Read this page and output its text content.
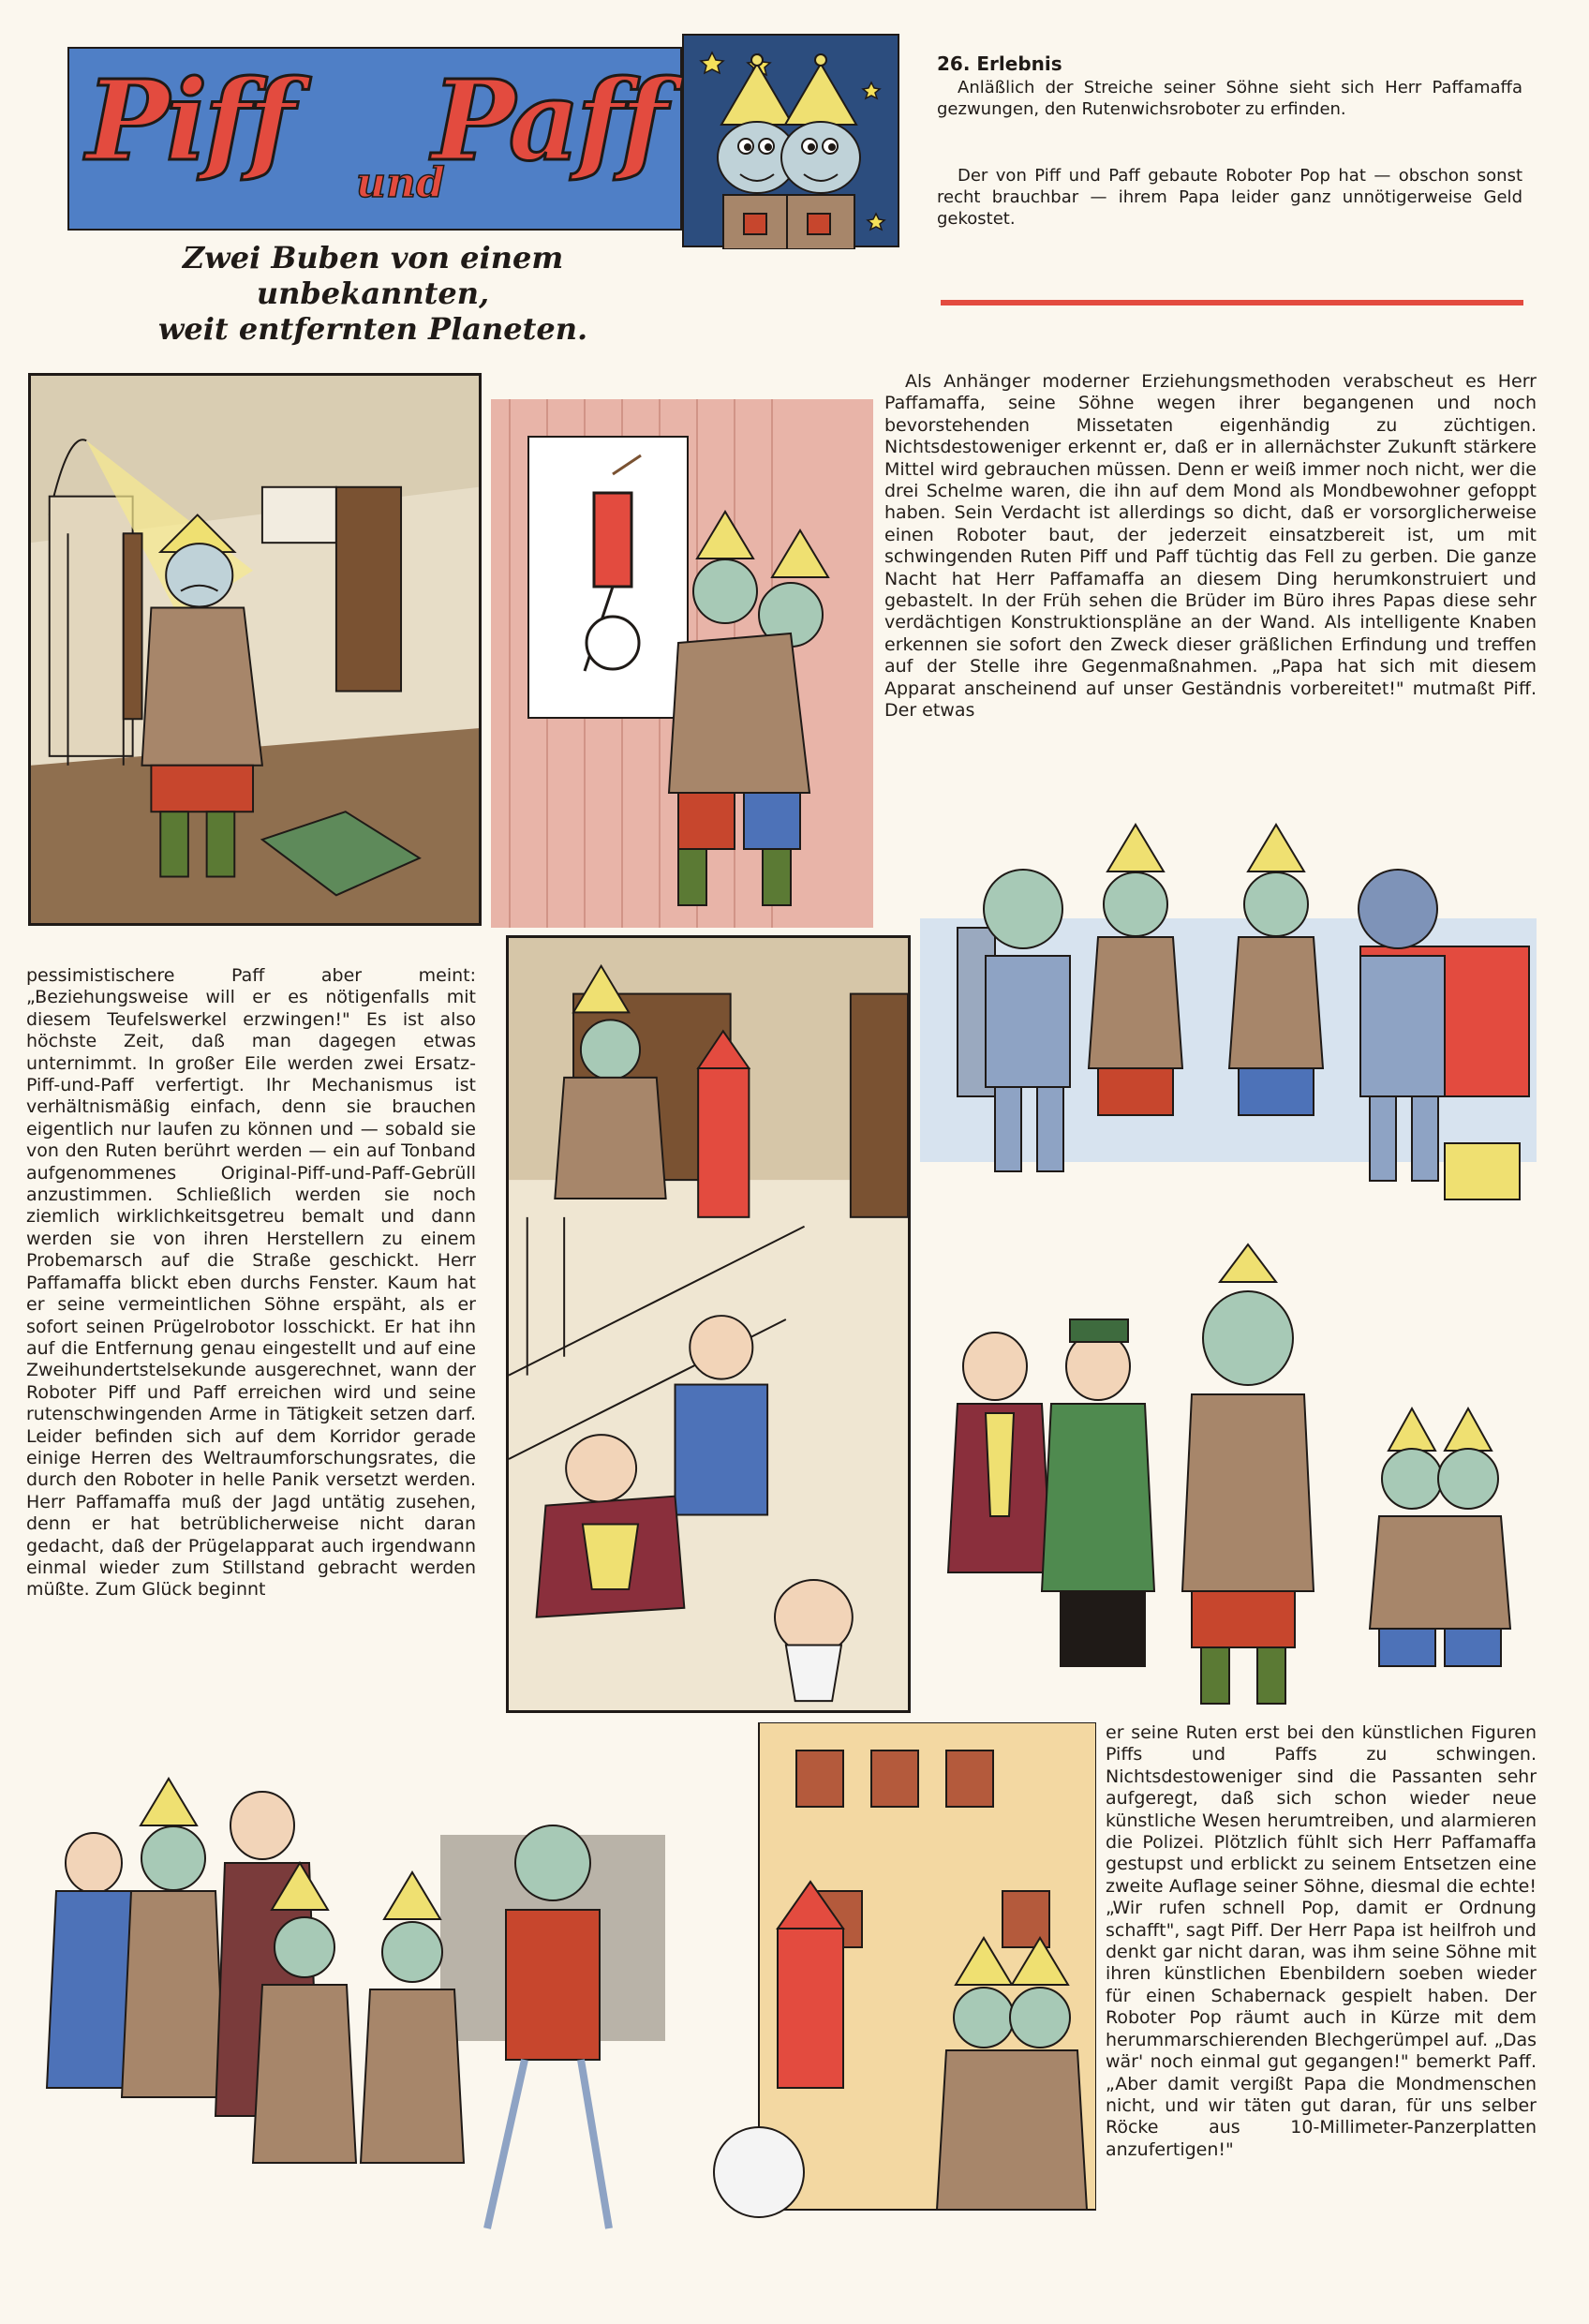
Piff Paff
und
Zwei Buben von einem unbekannten,
weit entfernten Planeten.
26. Erlebnis
Anläßlich der Streiche seiner Söhne sieht sich Herr Paffamaffa gezwungen, den Rutenwichsroboter zu erfinden.
Der von Piff und Paff gebaute Roboter Pop hat — obschon sonst recht brauchbar — ihrem Papa leider ganz unnötigerweise Geld gekostet.
Als Anhänger moderner Erziehungsmethoden verabscheut es Herr Paffamaffa, seine Söhne wegen ihrer begangenen und noch bevorstehenden Missetaten eigenhändig zu züchtigen. Nichtsdestoweniger erkennt er, daß er in allernächster Zukunft stärkere Mittel wird gebrauchen müssen. Denn er weiß immer noch nicht, wer die drei Schelme waren, die ihn auf dem Mond als Mondbewohner gefoppt haben. Sein Verdacht ist allerdings so dicht, daß er vorsorglicherweise einen Roboter baut, der jederzeit einsatzbereit ist, um mit schwingenden Ruten Piff und Paff tüchtig das Fell zu gerben. Die ganze Nacht hat Herr Paffamaffa an diesem Ding herumkonstruiert und gebastelt. In der Früh sehen die Brüder im Büro ihres Papas diese sehr verdächtigen Konstruktionspläne an der Wand. Als intelligente Knaben erkennen sie sofort den Zweck dieser gräßlichen Erfindung und treffen auf der Stelle ihre Gegenmaßnahmen. „Papa hat sich mit diesem Apparat anscheinend auf unser Geständnis vorbereitet!" mutmaßt Piff. Der etwas
pessimistischere Paff aber meint: „Beziehungsweise will er es nötigenfalls mit diesem Teufelswerkel erzwingen!" Es ist also höchste Zeit, daß man dagegen etwas unternimmt. In großer Eile werden zwei Ersatz-Piff-und-Paff verfertigt. Ihr Mechanismus ist verhältnismäßig einfach, denn sie brauchen eigentlich nur laufen zu können und — sobald sie von den Ruten berührt werden — ein auf Tonband aufgenommenes Original-Piff-und-Paff-Gebrüll anzustimmen. Schließlich werden sie noch ziemlich wirklichkeitsgetreu bemalt und dann werden sie von ihren Herstellern zu einem Probemarsch auf die Straße geschickt. Herr Paffamaffa blickt eben durchs Fenster. Kaum hat er seine vermeintlichen Söhne erspäht, als er sofort seinen Prügelrobotor losschickt. Er hat ihn auf die Entfernung genau eingestellt und auf eine Zweihundertstelsekunde ausgerechnet, wann der Roboter Piff und Paff erreichen wird und seine rutenschwingenden Arme in Tätigkeit setzen darf. Leider befinden sich auf dem Korridor gerade einige Herren des Weltraumforschungsrates, die durch den Roboter in helle Panik versetzt werden. Herr Paffamaffa muß der Jagd untätig zusehen, denn er hat betrüblicherweise nicht daran gedacht, daß der Prügelapparat auch irgendwann einmal wieder zum Stillstand gebracht werden müßte. Zum Glück beginnt
er seine Ruten erst bei den künstlichen Figuren Piffs und Paffs zu schwingen. Nichtsdestoweniger sind die Passanten sehr aufgeregt, daß sich schon wieder neue künstliche Wesen herumtreiben, und alarmieren die Polizei. Plötzlich fühlt sich Herr Paffamaffa gestupst und erblickt zu seinem Entsetzen eine zweite Auflage seiner Söhne, diesmal die echte! „Wir rufen schnell Pop, damit er Ordnung schafft", sagt Piff. Der Herr Papa ist heilfroh und denkt gar nicht daran, was ihm seine Söhne mit ihren künstlichen Ebenbildern soeben wieder für einen Schabernack gespielt haben. Der Roboter Pop räumt auch in Kürze mit dem herummarschierenden Blechgerümpel auf. „Das wär' noch einmal gut gegangen!" bemerkt Paff. „Aber damit vergißt Papa die Mondmenschen nicht, und wir täten gut daran, für uns selber Röcke aus 10-Millimeter-Panzerplatten anzufertigen!"
